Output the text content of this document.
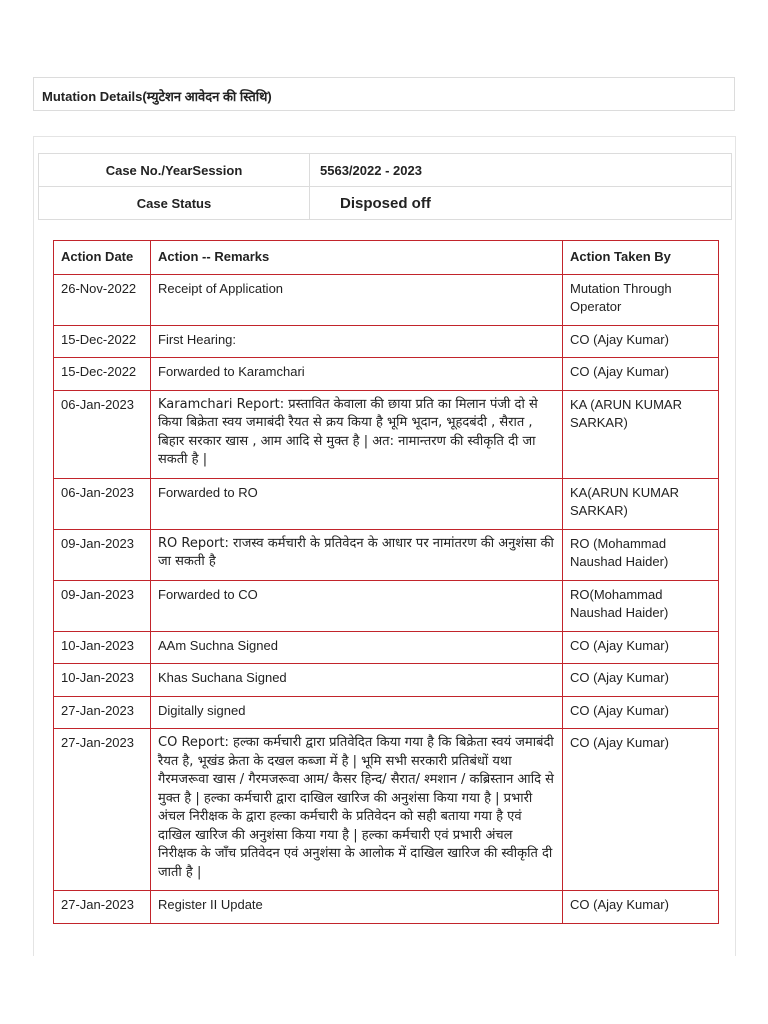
Mutation Details(म्युटेशन आवेदन की स्तिथि)
Case No./YearSession	5563/2022 - 2023
Case Status	Disposed off
Action Date	Action -- Remarks	Action Taken By
26-Nov-2022	Receipt of Application	Mutation Through Operator
15-Dec-2022	First Hearing:	CO (Ajay Kumar)
15-Dec-2022	Forwarded to Karamchari	CO (Ajay Kumar)
06-Jan-2023	Karamchari Report: प्रस्तावित केवाला की छाया प्रति का मिलान पंजी दो से किया बिक्रेता स्वय जमाबंदी रैयत से क्रय किया है भूमि भूदान, भूहदबंदी , सैरात , बिहार सरकार खास , आम आदि से मुक्त है | अत: नामान्तरण की स्वीकृति दी जा सकती है |	KA (ARUN KUMAR SARKAR)
06-Jan-2023	Forwarded to RO	KA(ARUN KUMAR SARKAR)
09-Jan-2023	RO Report: राजस्व कर्मचारी के प्रतिवेदन के आधार पर नामांतरण की अनुशंसा की जा सकती है	RO (Mohammad Naushad Haider)
09-Jan-2023	Forwarded to CO	RO(Mohammad Naushad Haider)
10-Jan-2023	AAm Suchna Signed	CO (Ajay Kumar)
10-Jan-2023	Khas Suchana Signed	CO (Ajay Kumar)
27-Jan-2023	Digitally signed	CO (Ajay Kumar)
27-Jan-2023	CO Report: हल्का कर्मचारी द्वारा प्रतिवेदित किया गया है कि बिक्रेता स्वयं जमाबंदी रैयत है, भूखंड क्रेता के दखल कब्जा में है | भूमि सभी सरकारी प्रतिबंधों यथा गैरमजरूवा खास / गैरमजरूवा आम/ कैसर हिन्द/ सैरात/ श्मशान / कब्रिस्तान आदि से मुक्त है | हल्का कर्मचारी द्वारा दाखिल खारिज की अनुशंसा किया गया है | प्रभारी अंचल निरीक्षक के द्वारा हल्का कर्मचारी के प्रतिवेदन को सही बताया गया है एवं दाखिल खारिज की अनुशंसा किया गया है | हल्का कर्मचारी एवं प्रभारी अंचल निरीक्षक के जाँच प्रतिवेदन एवं अनुशंसा के आलोक में दाखिल खारिज की स्वीकृति दी जाती है |	CO (Ajay Kumar)
27-Jan-2023	Register II Update	CO (Ajay Kumar)
